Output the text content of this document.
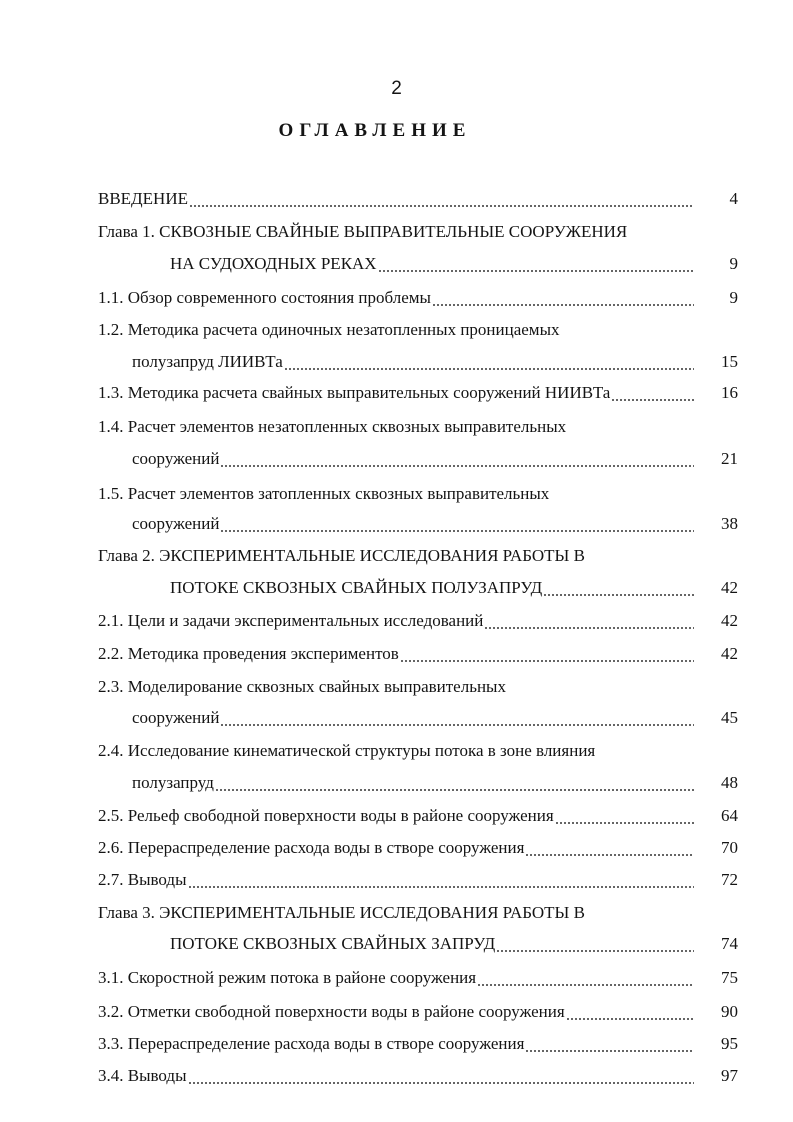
2
ОГЛАВЛЕНИЕ
ВВЕДЕНИЕ	4
Глава 1. СКВОЗНЫЕ СВАЙНЫЕ ВЫПРАВИТЕЛЬНЫЕ СООРУЖЕНИЯ
НА СУДОХОДНЫХ РЕКАХ	9
1.1. Обзор современного состояния проблемы	9
1.2. Методика расчета одиночных незатопленных проницаемых
полузапруд ЛИИВТа	15
1.3. Методика расчета свайных выправительных сооружений НИИВТа	16
1.4. Расчет элементов незатопленных сквозных выправительных
сооружений	21
1.5. Расчет элементов затопленных сквозных выправительных
сооружений	38
Глава 2. ЭКСПЕРИМЕНТАЛЬНЫЕ ИССЛЕДОВАНИЯ РАБОТЫ В
ПОТОКЕ СКВОЗНЫХ СВАЙНЫХ ПОЛУЗАПРУД	42
2.1. Цели и задачи экспериментальных исследований	42
2.2. Методика проведения экспериментов	42
2.3. Моделирование сквозных свайных выправительных
сооружений	45
2.4. Исследование кинематической структуры потока в зоне влияния
полузапруд	48
2.5. Рельеф свободной поверхности воды в районе сооружения	64
2.6. Перераспределение расхода воды в створе сооружения	70
2.7. Выводы	72
Глава 3. ЭКСПЕРИМЕНТАЛЬНЫЕ ИССЛЕДОВАНИЯ РАБОТЫ В
ПОТОКЕ СКВОЗНЫХ СВАЙНЫХ ЗАПРУД	74
3.1. Скоростной режим потока в районе сооружения	75
3.2. Отметки свободной поверхности воды в районе сооружения	90
3.3. Перераспределение расхода воды в створе сооружения	95
3.4. Выводы	97
